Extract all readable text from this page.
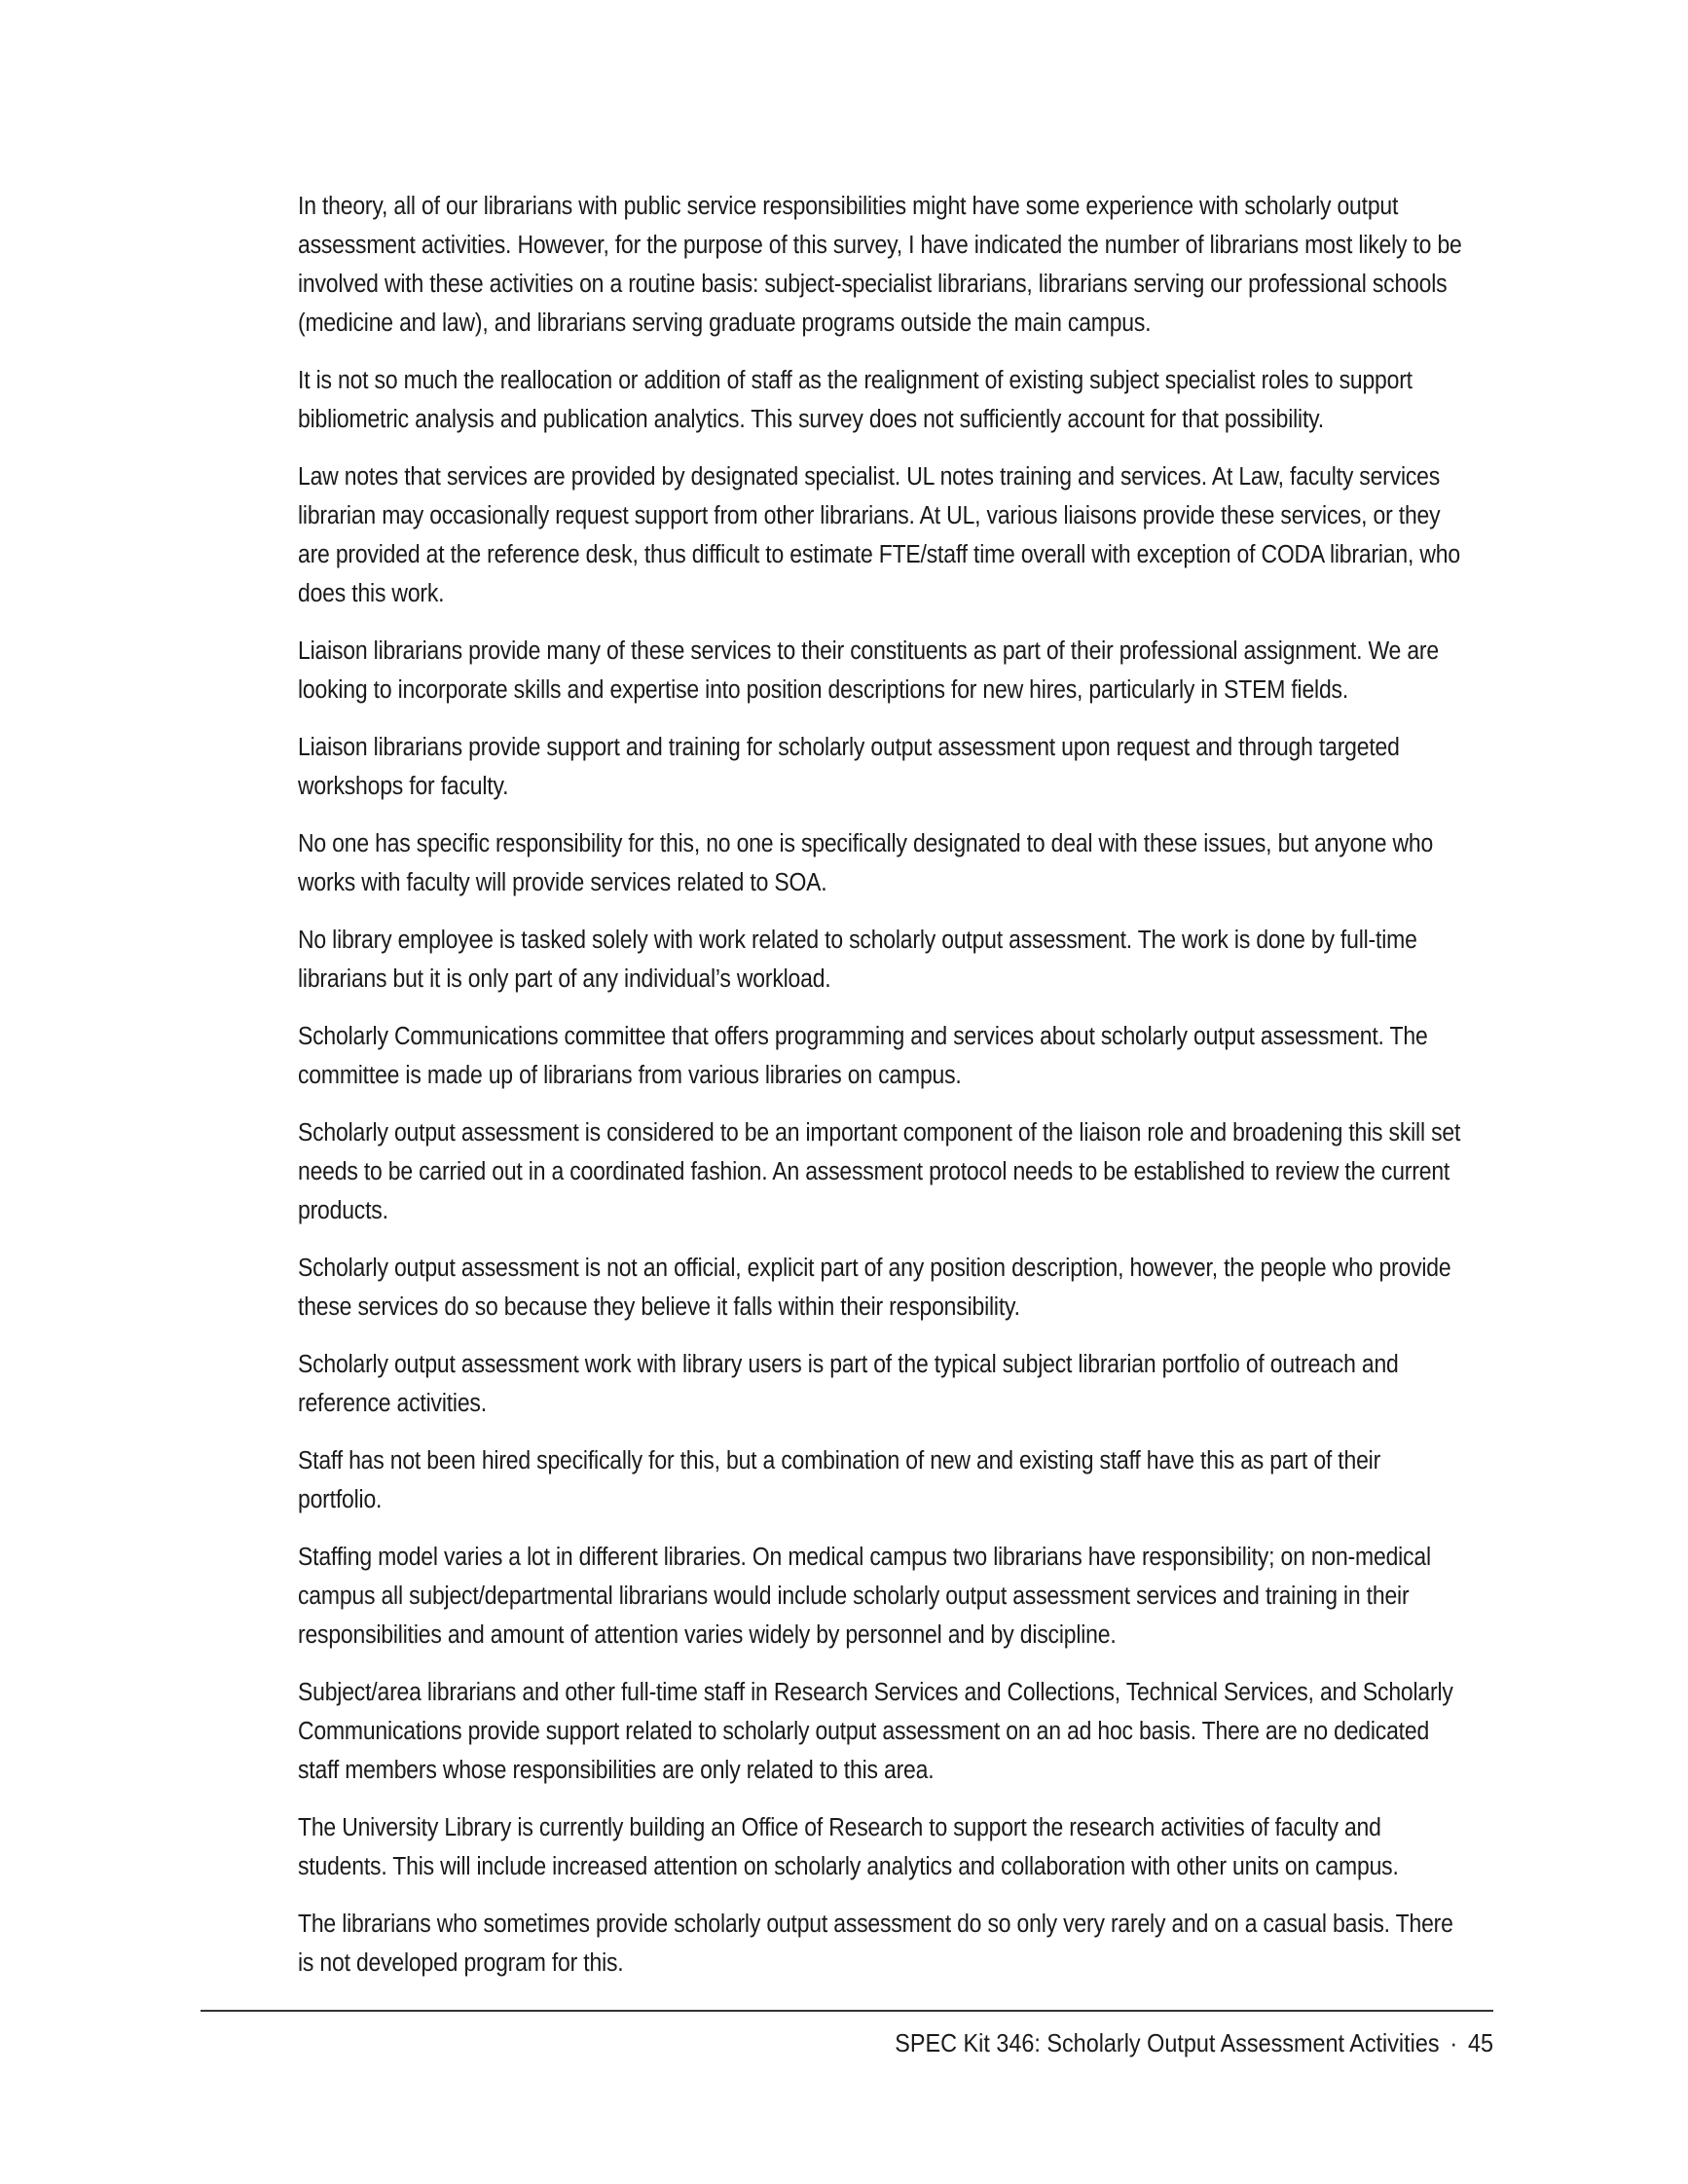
In theory, all of our librarians with public service responsibilities might have some experience with scholarly output assessment activities. However, for the purpose of this survey, I have indicated the number of librarians most likely to be involved with these activities on a routine basis: subject-specialist librarians, librarians serving our professional schools (medicine and law), and librarians serving graduate programs outside the main campus.

It is not so much the reallocation or addition of staff as the realignment of existing subject specialist roles to support bibliometric analysis and publication analytics. This survey does not sufficiently account for that possibility.

Law notes that services are provided by designated specialist. UL notes training and services. At Law, faculty services librarian may occasionally request support from other librarians. At UL, various liaisons provide these services, or they are provided at the reference desk, thus difficult to estimate FTE/staff time overall with exception of CODA librarian, who does this work.

Liaison librarians provide many of these services to their constituents as part of their professional assignment. We are looking to incorporate skills and expertise into position descriptions for new hires, particularly in STEM fields.

Liaison librarians provide support and training for scholarly output assessment upon request and through targeted workshops for faculty.

No one has specific responsibility for this, no one is specifically designated to deal with these issues, but anyone who works with faculty will provide services related to SOA.

No library employee is tasked solely with work related to scholarly output assessment. The work is done by full-time librarians but it is only part of any individual’s workload.

Scholarly Communications committee that offers programming and services about scholarly output assessment. The committee is made up of librarians from various libraries on campus.

Scholarly output assessment is considered to be an important component of the liaison role and broadening this skill set needs to be carried out in a coordinated fashion. An assessment protocol needs to be established to review the current products.

Scholarly output assessment is not an official, explicit part of any position description, however, the people who provide these services do so because they believe it falls within their responsibility.

Scholarly output assessment work with library users is part of the typical subject librarian portfolio of outreach and reference activities.

Staff has not been hired specifically for this, but a combination of new and existing staff have this as part of their portfolio.

Staffing model varies a lot in different libraries. On medical campus two librarians have responsibility; on non-medical campus all subject/departmental librarians would include scholarly output assessment services and training in their responsibilities and amount of attention varies widely by personnel and by discipline.

Subject/area librarians and other full-time staff in Research Services and Collections, Technical Services, and Scholarly Communications provide support related to scholarly output assessment on an ad hoc basis. There are no dedicated staff members whose responsibilities are only related to this area.

The University Library is currently building an Office of Research to support the research activities of faculty and students. This will include increased attention on scholarly analytics and collaboration with other units on campus.

The librarians who sometimes provide scholarly output assessment do so only very rarely and on a casual basis. There is not developed program for this.

SPEC Kit 346: Scholarly Output Assessment Activities · 45
